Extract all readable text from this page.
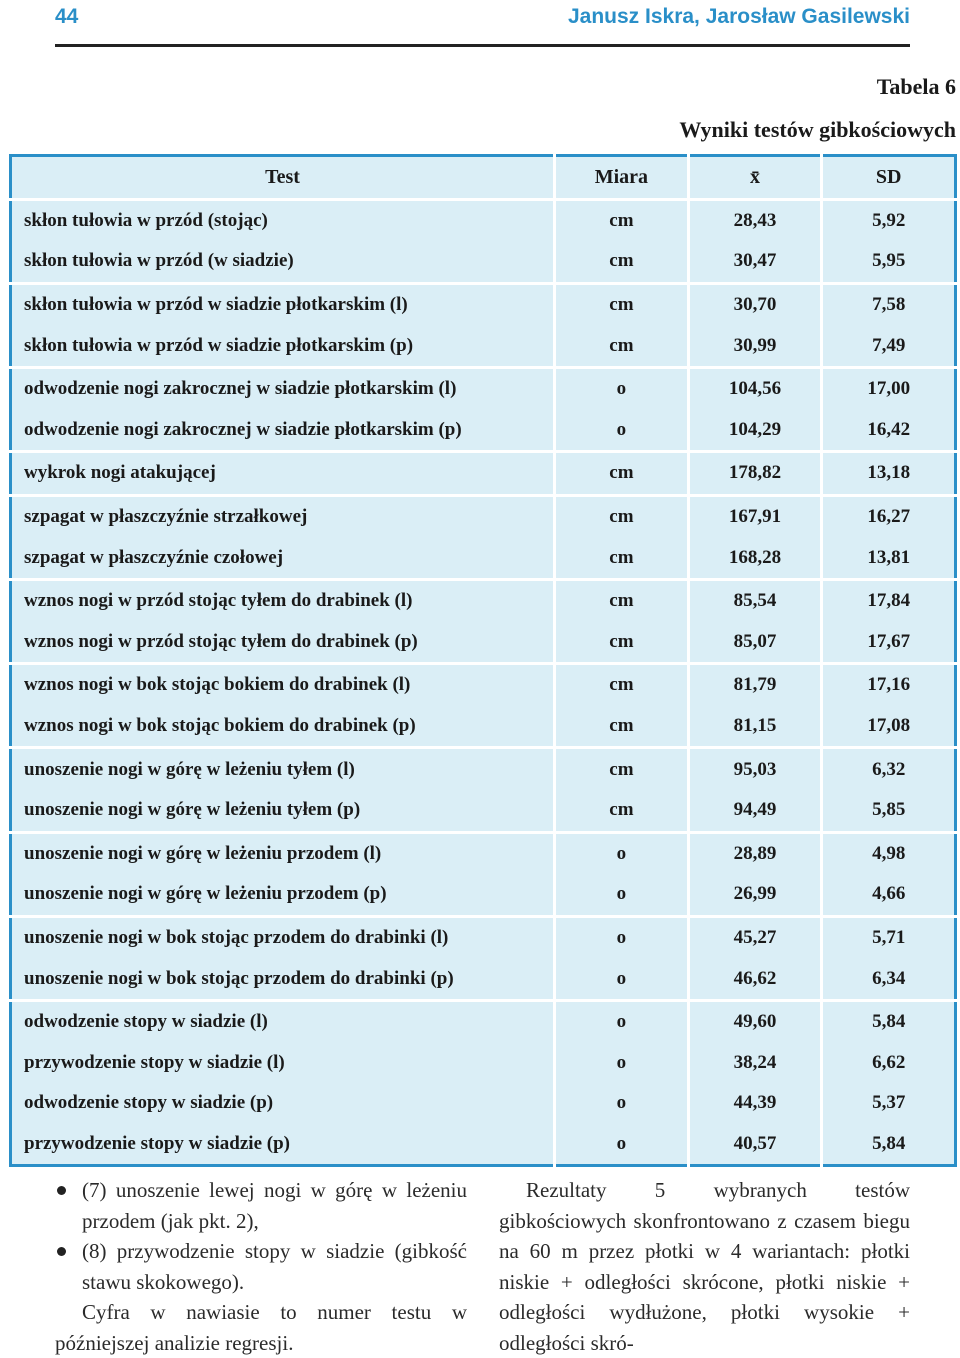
44	Janusz Iskra, Jarosław Gasilewski
Tabela 6
Wyniki testów gibkościowych
Test	Miara	x̄	SD
skłon tułowia w przód (stojąc)	cm	28,43	5,92
skłon tułowia w przód (w siadzie)	cm	30,47	5,95
skłon tułowia w przód w siadzie płotkarskim (l)	cm	30,70	7,58
skłon tułowia w przód w siadzie płotkarskim (p)	cm	30,99	7,49
odwodzenie nogi zakrocznej w siadzie płotkarskim (l)	o	104,56	17,00
odwodzenie nogi zakrocznej w siadzie płotkarskim (p)	o	104,29	16,42
wykrok nogi atakującej	cm	178,82	13,18
szpagat w płaszczyźnie strzałkowej	cm	167,91	16,27
szpagat w płaszczyźnie czołowej	cm	168,28	13,81
wznos nogi w przód stojąc tyłem do drabinek (l)	cm	85,54	17,84
wznos nogi w przód stojąc tyłem do drabinek (p)	cm	85,07	17,67
wznos nogi w bok stojąc bokiem do drabinek (l)	cm	81,79	17,16
wznos nogi w bok stojąc bokiem do drabinek (p)	cm	81,15	17,08
unoszenie nogi w górę w leżeniu tyłem (l)	cm	95,03	6,32
unoszenie nogi w górę w leżeniu tyłem (p)	cm	94,49	5,85
unoszenie nogi w górę w leżeniu przodem (l)	o	28,89	4,98
unoszenie nogi w górę w leżeniu przodem (p)	o	26,99	4,66
unoszenie nogi w bok stojąc przodem do drabinki (l)	o	45,27	5,71
unoszenie nogi w bok stojąc przodem do drabinki (p)	o	46,62	6,34
odwodzenie stopy w siadzie (l)	o	49,60	5,84
przywodzenie stopy w siadzie (l)	o	38,24	6,62
odwodzenie stopy w siadzie (p)	o	44,39	5,37
przywodzenie stopy w siadzie (p)	o	40,57	5,84
(7) unoszenie lewej nogi w górę w leżeniu przodem (jak pkt. 2),
(8) przywodzenie stopy w siadzie (gibkość stawu skokowego).

Cyfra w nawiasie to numer testu w późniejszej analizie regresji.

Rezultaty 5 wybranych testów gibkościowych skonfrontowano z czasem biegu na 60 m przez płotki w 4 wariantach: płotki niskie + odległości skrócone, płotki niskie + odległości wydłużone, płotki wysokie + odległości skró-
